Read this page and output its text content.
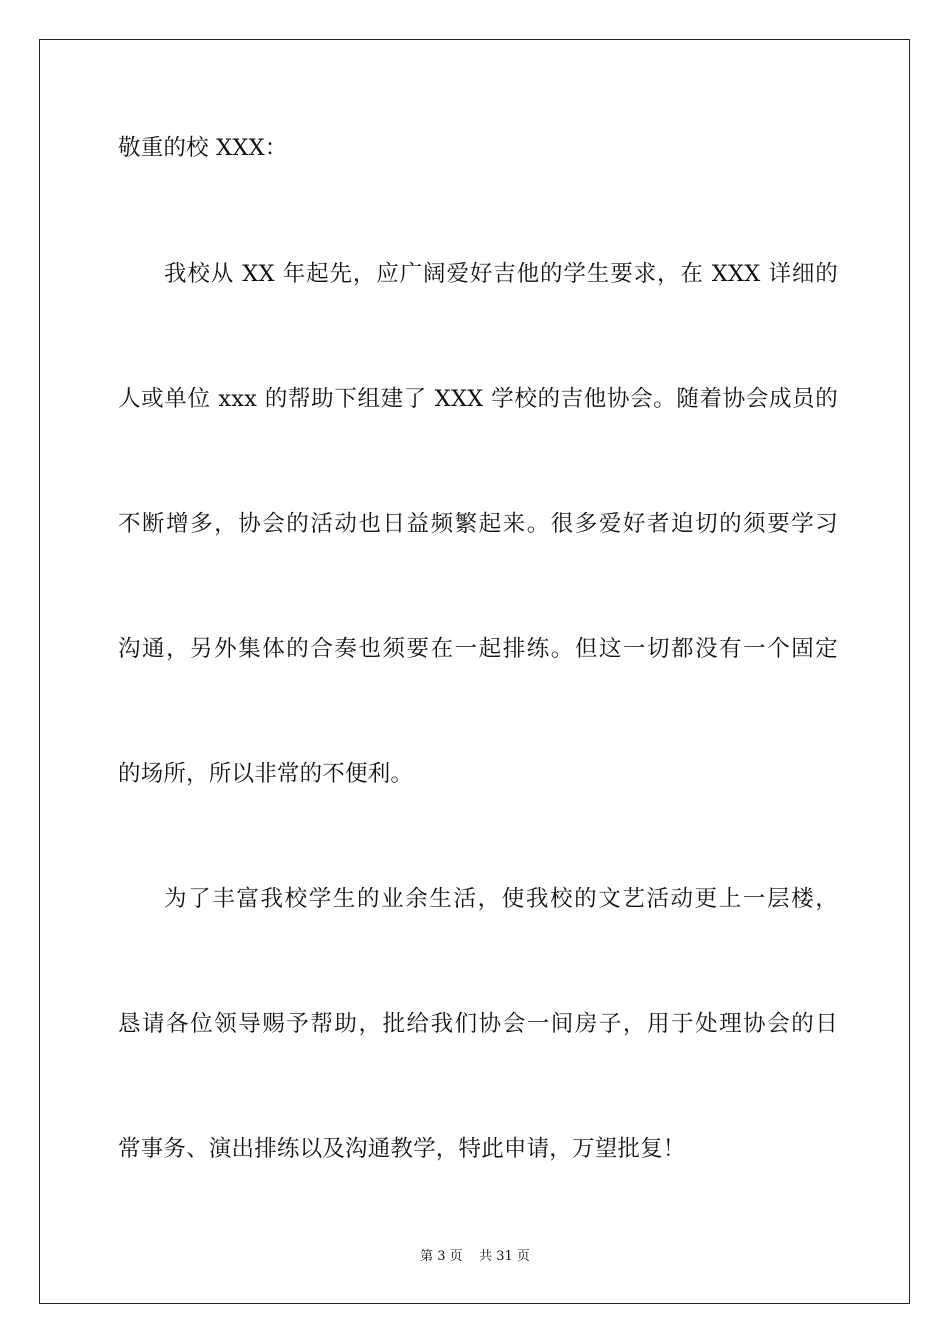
敬重的校 XXX：
我校从 XX 年起先，应广阔爱好吉他的学生要求，在 XXX 详细的
人或单位 xxx 的帮助下组建了 XXX 学校的吉他协会。随着协会成员的
不断增多，协会的活动也日益频繁起来。很多爱好者迫切的须要学习
沟通，另外集体的合奏也须要在一起排练。但这一切都没有一个固定
的场所，所以非常的不便利。
为了丰富我校学生的业余生活，使我校的文艺活动更上一层楼，
恳请各位领导赐予帮助，批给我们协会一间房子，用于处理协会的日
常事务、演出排练以及沟通教学，特此申请，万望批复！
第 3 页    共 31 页
